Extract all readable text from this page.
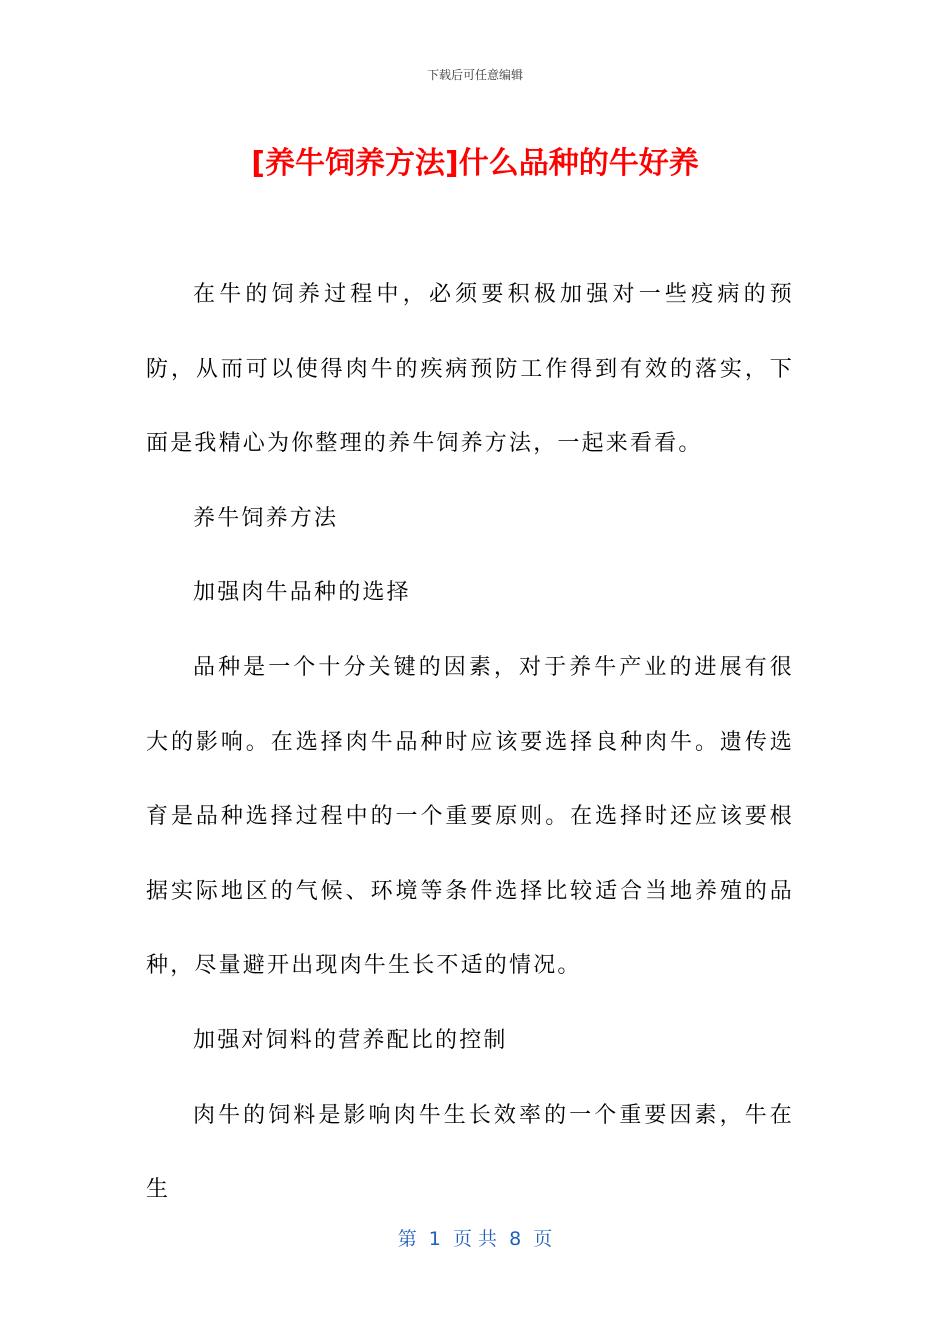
下载后可任意编辑
[养牛饲养方法]什么品种的牛好养

在牛的饲养过程中，必须要积极加强对一些疫病的预防，从而可以使得肉牛的疾病预防工作得到有效的落实，下面是我精心为你整理的养牛饲养方法，一起来看看。

养牛饲养方法

加强肉牛品种的选择

品种是一个十分关键的因素，对于养牛产业的进展有很大的影响。在选择肉牛品种时应该要选择良种肉牛。遗传选育是品种选择过程中的一个重要原则。在选择时还应该要根据实际地区的气候、环境等条件选择比较适合当地养殖的品种，尽量避开出现肉牛生长不适的情况。

加强对饲料的营养配比的控制

肉牛的饲料是影响肉牛生长效率的一个重要因素，牛在生

第  1  页 共  8  页
